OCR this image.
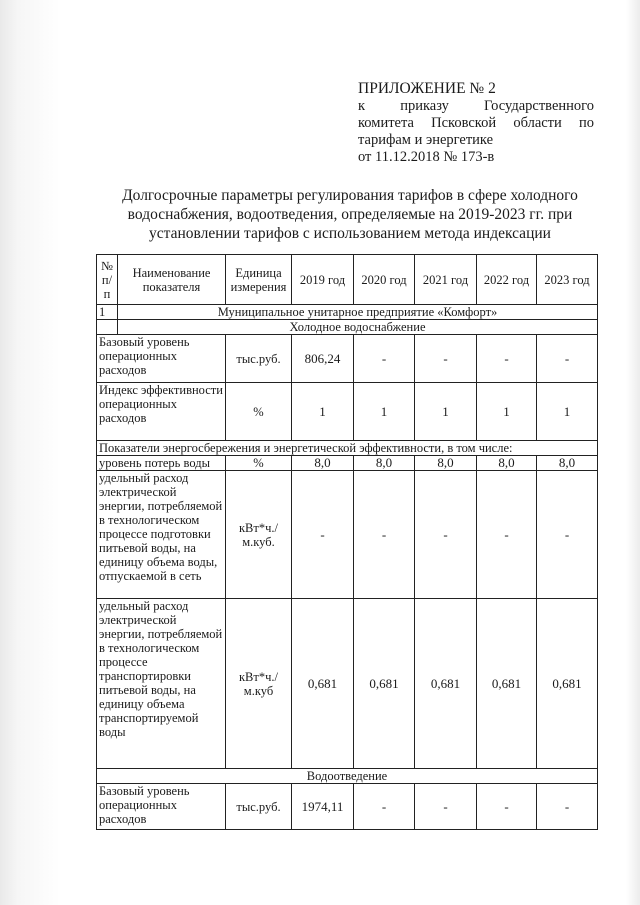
ПРИЛОЖЕНИЕ № 2
к приказу Государственного
комитета Псковской области по
тарифам и энергетике
от 11.12.2018 № 173-в
Долгосрочные параметры регулирования тарифов в сфере холодного
водоснабжения, водоотведения, определяемые на 2019-2023 гг. при
установлении тарифов с использованием метода индексации
№ п/п	Наименование показателя	Единица измерения	2019 год	2020 год	2021 год	2022 год	2023 год
1	Муниципальное унитарное предприятие «Комфорт»						
	Холодное водоснабжение						
Базовый уровень операционных расходов		тыс.руб.	806,24	-	-	-	-
Индекс эффективности операционных расходов		%	1	1	1	1	1
Показатели энергосбережения и энергетической эффективности, в том числе:							
уровень потерь воды		%	8,0	8,0	8,0	8,0	8,0
удельный расход электрической энергии, потребляемой в технологическом процессе подготовки питьевой воды, на единицу объема воды, отпускаемой в сеть		кВт*ч./м.куб.	-	-	-	-	-
удельный расход электрической энергии, потребляемой в технологическом процессе транспортировки питьевой воды, на единицу объема транспортируемой воды		кВт*ч./м.куб	0,681	0,681	0,681	0,681	0,681
Водоотведение							
Базовый уровень операционных расходов		тыс.руб.	1974,11	-	-	-	-
